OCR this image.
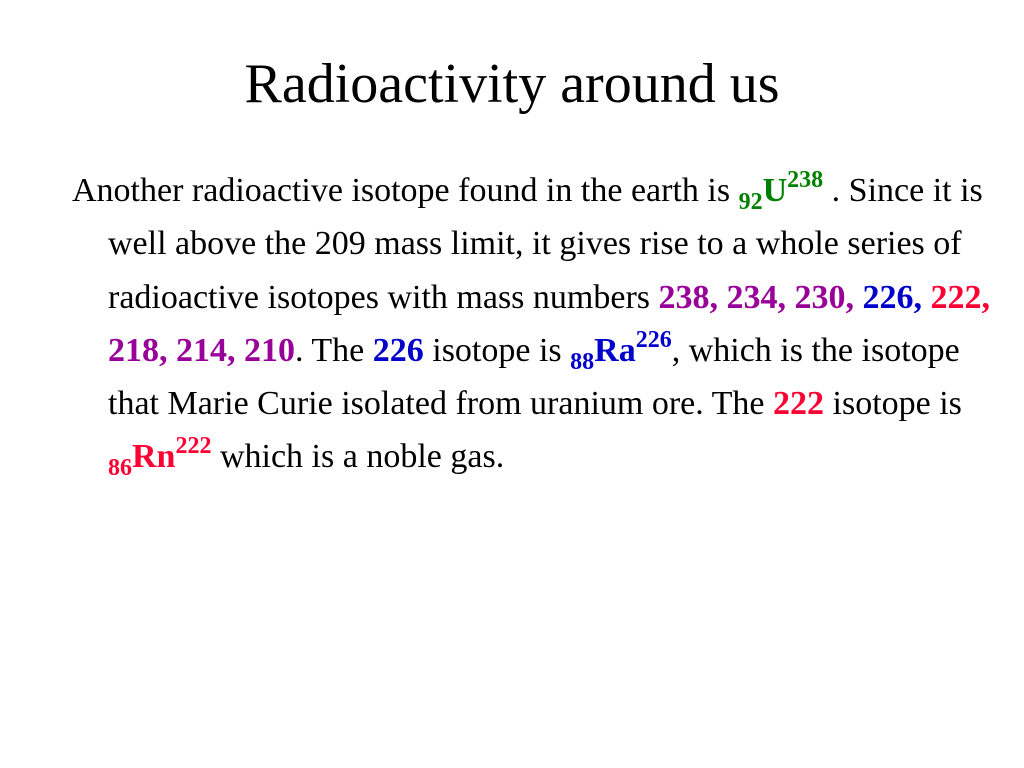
Radioactivity around us

Another radioactive isotope found in the earth is $_{92}U^{238}$ . Since it is well above the 209 mass limit, it gives rise to a whole series of radioactive isotopes with mass numbers 238, 234, 230, 226, 222, 218, 214, 210. The 226 isotope is $_{88}Ra^{226}$, which is the isotope that Marie Curie isolated from uranium ore. The 222 isotope is $_{86}Rn^{222}$ which is a noble gas.
